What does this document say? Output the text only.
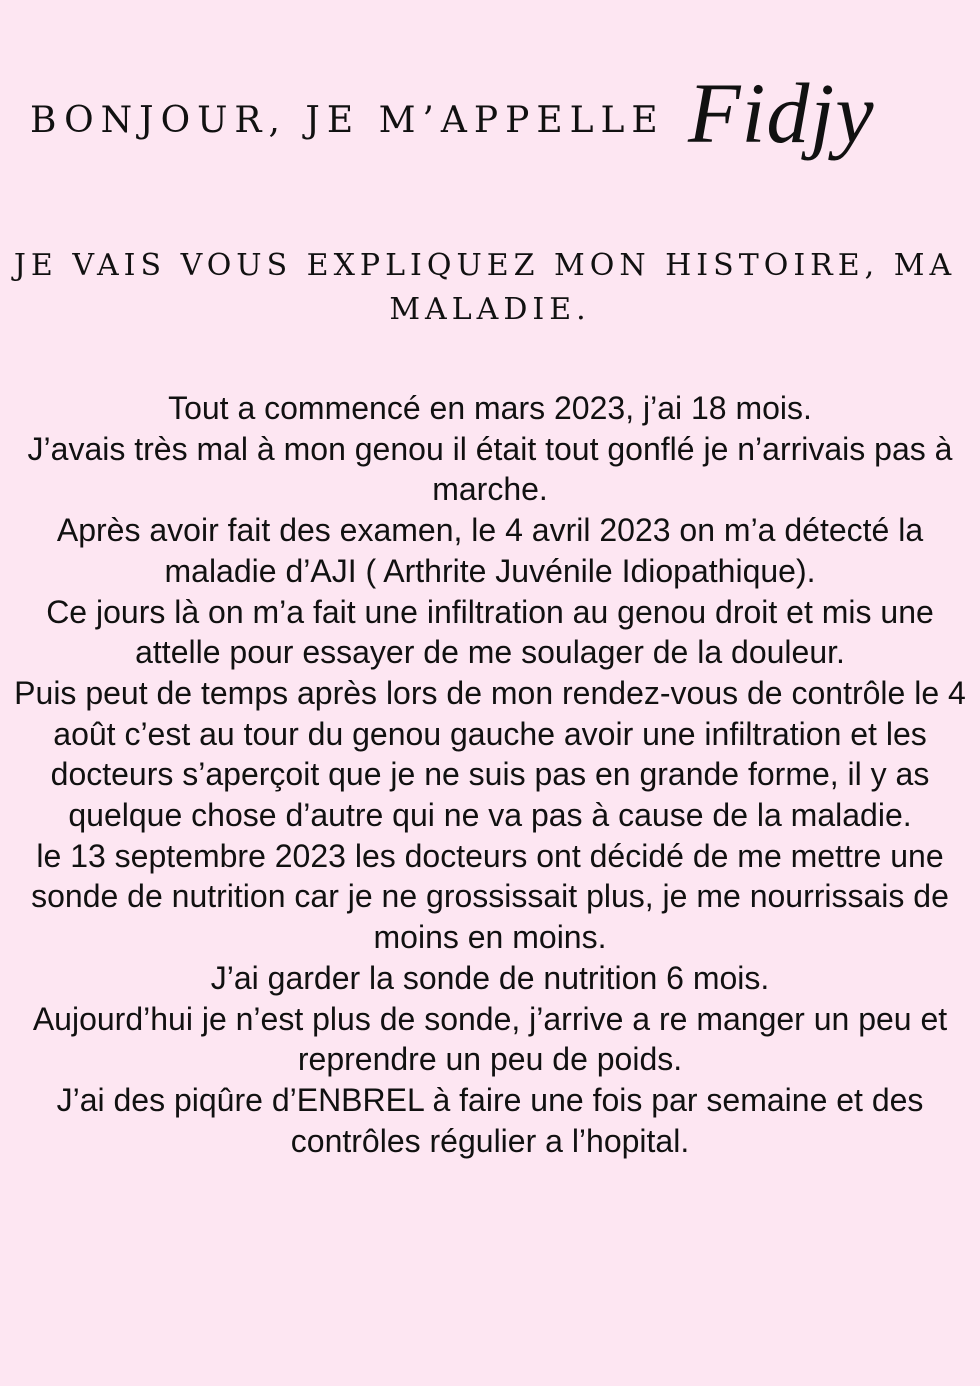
BONJOUR, JE M’APPELLE Fidjy
JE VAIS VOUS EXPLIQUEZ MON HISTOIRE, MA
MALADIE.

Tout a commencé en mars 2023, j’ai 18 mois.

J’avais très mal à mon genou il était tout gonflé je n’arrivais pas à marche.

Après avoir fait des examen, le 4 avril 2023 on m’a détecté la maladie d’AJI ( Arthrite Juvénile Idiopathique).

Ce jours là on m’a fait une infiltration au genou droit et mis une attelle pour essayer de me soulager de la douleur.

Puis peut de temps après lors de mon rendez-vous de contrôle le 4 août c’est au tour du genou gauche avoir une infiltration et les docteurs s’aperçoit que je ne suis pas en grande forme, il y as quelque chose d’autre qui ne va pas à cause de la maladie.

le 13 septembre 2023 les docteurs ont décidé de me mettre une sonde de nutrition car je ne grossissait plus, je me nourrissais de moins en moins.

J’ai garder la sonde de nutrition 6 mois.

Aujourd’hui je n’est plus de sonde, j’arrive a re manger un peu et reprendre un peu de poids.

J’ai des piqûre d’ENBREL à faire une fois par semaine et des contrôles régulier a l’hopital.
